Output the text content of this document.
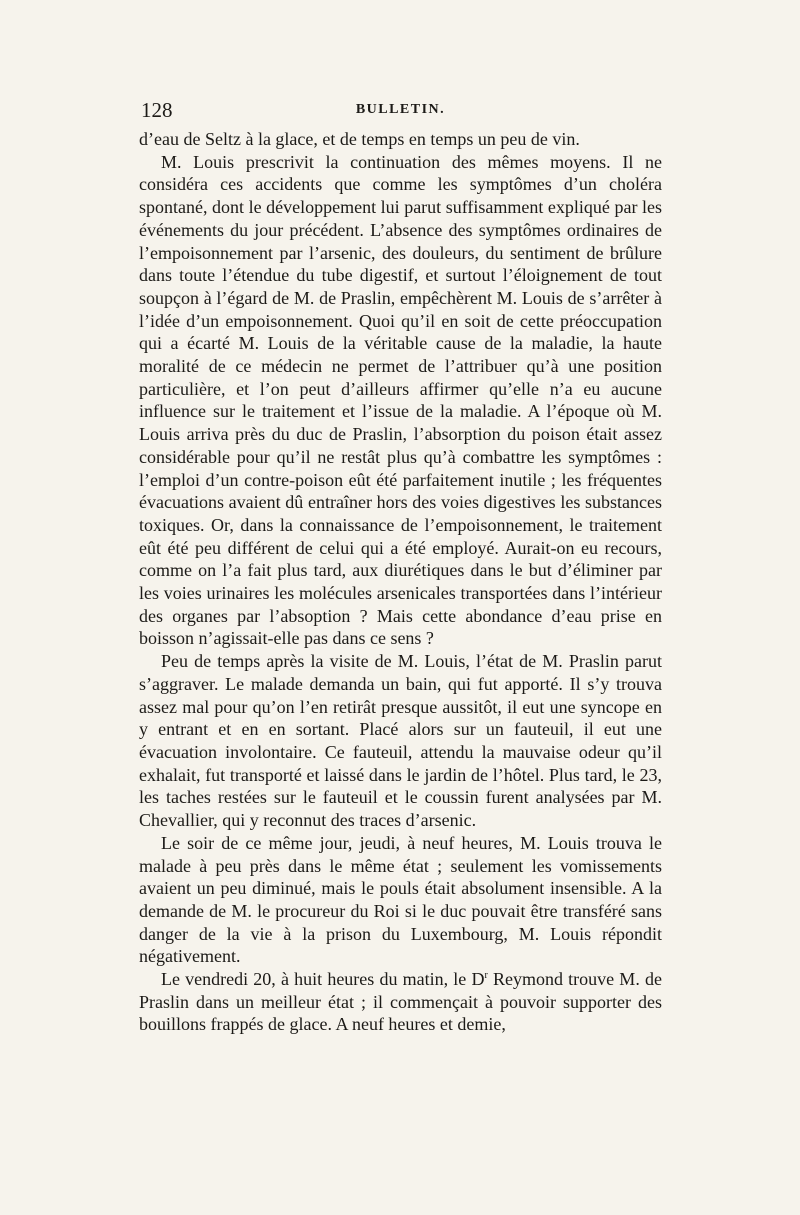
128	BULLETIN.

d’eau de Seltz à la glace, et de temps en temps un peu de vin.

M. Louis prescrivit la continuation des mêmes moyens. Il ne considéra ces accidents que comme les symptômes d’un choléra spontané, dont le développement lui parut suffisamment expliqué par les événements du jour précédent. L’absence des symptômes ordinaires de l’empoisonnement par l’arsenic, des douleurs, du sentiment de brûlure dans toute l’étendue du tube digestif, et surtout l’éloignement de tout soupçon à l’égard de M. de Praslin, empêchèrent M. Louis de s’arrêter à l’idée d’un empoisonnement. Quoi qu’il en soit de cette préoccupation qui a écarté M. Louis de la véritable cause de la maladie, la haute moralité de ce médecin ne permet de l’attribuer qu’à une position particulière, et l’on peut d’ailleurs affirmer qu’elle n’a eu aucune influence sur le traitement et l’issue de la maladie. A l’époque où M. Louis arriva près du duc de Praslin, l’absorption du poison était assez considérable pour qu’il ne restât plus qu’à combattre les symptômes : l’emploi d’un contre-poison eût été parfaitement inutile ; les fréquentes évacuations avaient dû entraîner hors des voies digestives les substances toxiques. Or, dans la connaissance de l’empoisonnement, le traitement eût été peu différent de celui qui a été employé. Aurait-on eu recours, comme on l’a fait plus tard, aux diurétiques dans le but d’éliminer par les voies urinaires les molécules arsenicales transportées dans l’intérieur des organes par l’absoption ? Mais cette abondance d’eau prise en boisson n’agissait-elle pas dans ce sens ?

Peu de temps après la visite de M. Louis, l’état de M. Praslin parut s’aggraver. Le malade demanda un bain, qui fut apporté. Il s’y trouva assez mal pour qu’on l’en retirât presque aussitôt, il eut une syncope en y entrant et en en sortant. Placé alors sur un fauteuil, il eut une évacuation involontaire. Ce fauteuil, attendu la mauvaise odeur qu’il exhalait, fut transporté et laissé dans le jardin de l’hôtel. Plus tard, le 23, les taches restées sur le fauteuil et le coussin furent analysées par M. Chevallier, qui y reconnut des traces d’arsenic.

Le soir de ce même jour, jeudi, à neuf heures, M. Louis trouva le malade à peu près dans le même état ; seulement les vomissements avaient un peu diminué, mais le pouls était absolument insensible. A la demande de M. le procureur du Roi si le duc pouvait être transféré sans danger de la vie à la prison du Luxembourg, M. Louis répondit négativement.

Le vendredi 20, à huit heures du matin, le $D^r$ Reymond trouve M. de Praslin dans un meilleur état ; il commençait à pouvoir supporter des bouillons frappés de glace. A neuf heures et demie,
